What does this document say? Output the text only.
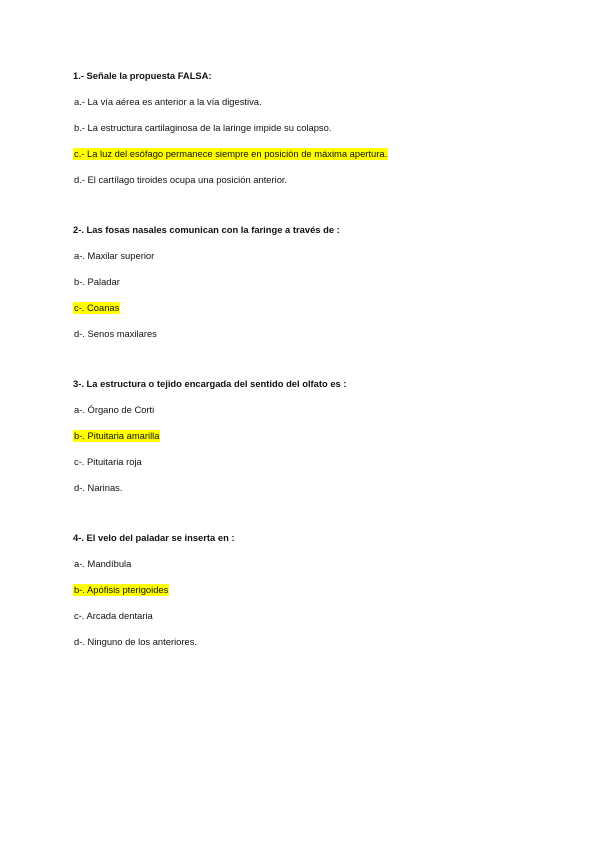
1.- Señale la propuesta FALSA:
a.- La vía aérea es anterior a la vía digestiva.
b.- La estructura cartilaginosa de la laringe impide su colapso.
c.- La luz del esófago permanece siempre en posición de máxima apertura.
d.- El cartílago tiroides ocupa una posición anterior.
2-. Las fosas nasales comunican con la faringe a través de :
a-. Maxilar superior
b-. Paladar
c-. Coanas
d-. Senos maxilares
3-. La estructura o tejido encargada del sentido del olfato es :
a-. Órgano de Corti
b-. Pituitaria amarilla
c-. Pituitaria roja
d-. Narinas.
4-. El velo del paladar se inserta en :
a-. Mandíbula
b-. Apófisis pterigoides
c-. Arcada dentaria
d-. Ninguno de los anteriores.
